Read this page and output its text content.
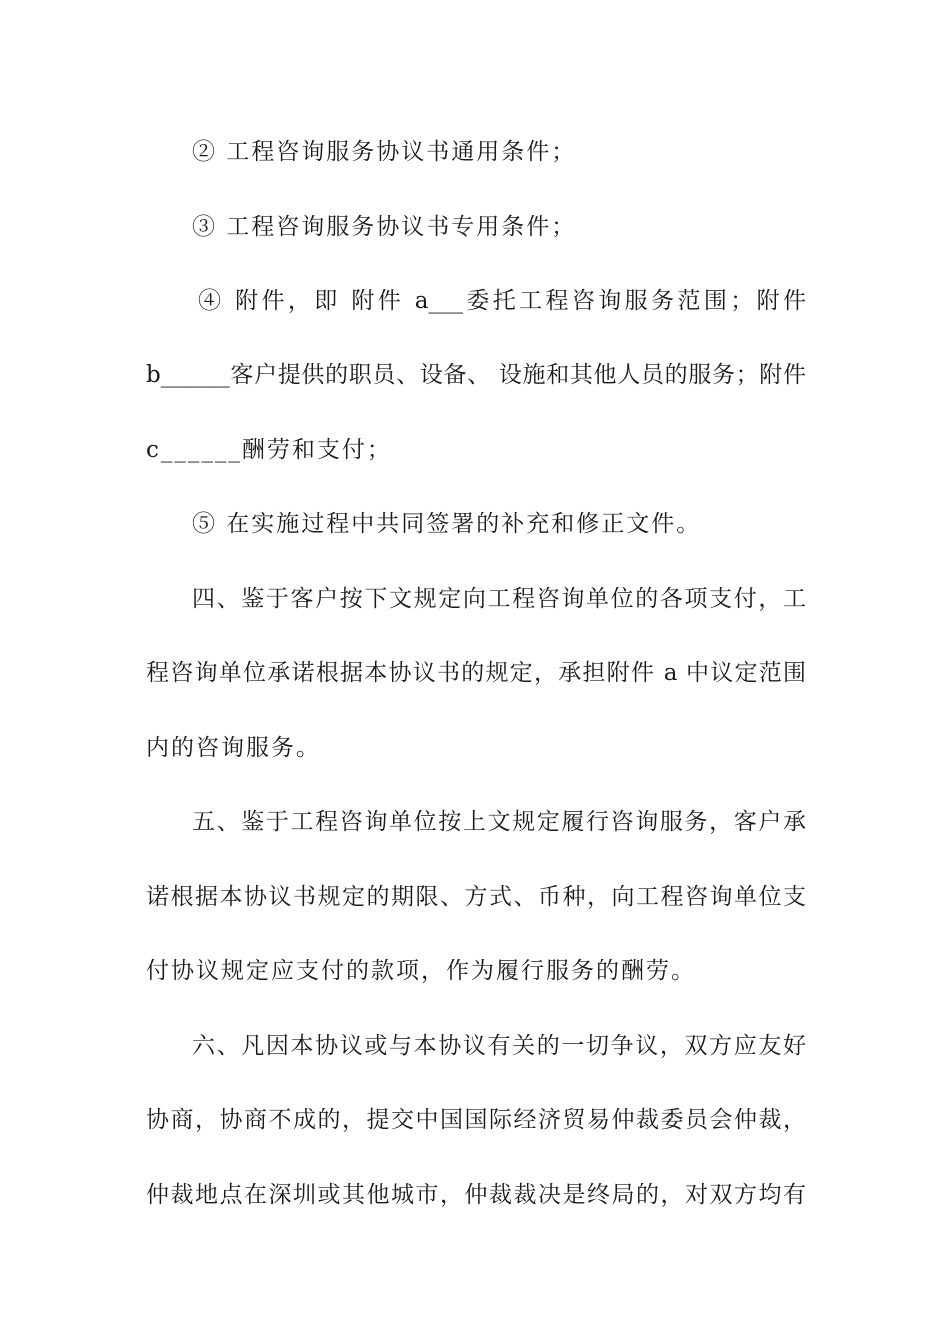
② 工程咨询服务协议书通用条件；
③ 工程咨询服务协议书专用条件；
④ 附件，即 附件 a___委托工程咨询服务范围；附件
b______客户提供的职员、设备、 设施和其他人员的服务；附件
c______酬劳和支付；
⑤ 在实施过程中共同签署的补充和修正文件。
四、鉴于客户按下文规定向工程咨询单位的各项支付，工
程咨询单位承诺根据本协议书的规定，承担附件 a 中议定范围
内的咨询服务。
五、鉴于工程咨询单位按上文规定履行咨询服务，客户承
诺根据本协议书规定的期限、方式、币种，向工程咨询单位支
付协议规定应支付的款项，作为履行服务的酬劳。
六、凡因本协议或与本协议有关的一切争议，双方应友好
协商，协商不成的，提交中国国际经济贸易仲裁委员会仲裁，
仲裁地点在深圳或其他城市，仲裁裁决是终局的，对双方均有
